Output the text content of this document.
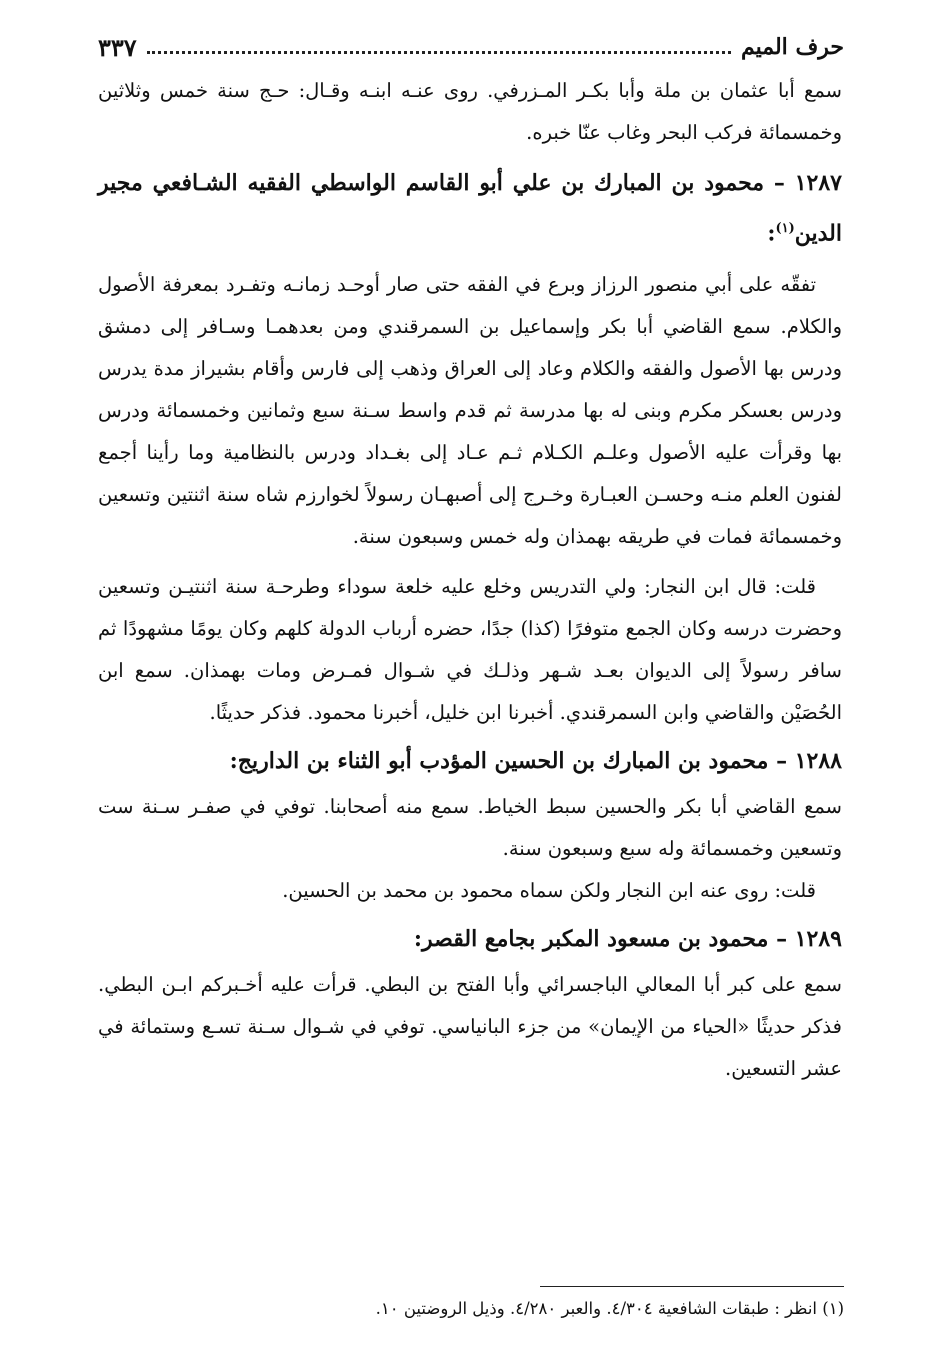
حرف الميم
٣٣٧

سمع أبا عثمان بن ملة وأبا بكـر المـزرفي. روى عنـه ابنـه وقـال: حـج سنة خمس وثلاثين وخمسمائة فركب البحر وغاب عنّا خبره.

١٢٨٧ – محمود بن المبارك بن علي أبو القاسم الواسطي الفقيه الشـافعي مجير الدين$^{(١)}$:

تفقّه على أبي منصور الرزاز وبرع في الفقه حتى صار أوحـد زمانـه وتفـرد بمعرفة الأصول والكلام. سمع القاضي أبا بكر وإسماعيل بن السمرقندي ومن بعدهمـا وسـافر إلى دمشق ودرس بها الأصول والفقه والكلام وعاد إلى العراق وذهب إلى فارس وأقام بشيراز مدة يدرس ودرس بعسكر مكرم وبنى له بها مدرسة ثم قدم واسط سـنة سبع وثمانين وخمسمائة ودرس بها وقرأت عليه الأصول وعلـم الكـلام ثـم عـاد إلى بغـداد ودرس بالنظامية وما رأينا أجمع لفنون العلم منـه وحسـن العبـارة وخـرج إلى أصبهـان رسولاً لخوارزم شاه سنة اثنتين وتسعين وخمسمائة فمات في طريقه بهمذان وله خمس وسبعون سنة.

قلت: قال ابن النجار: ولي التدريس وخلع عليه خلعة سوداء وطرحـة سنة اثنتيـن وتسعين وحضرت درسه وكان الجمع متوفرًا (كذا) جدًا، حضره أرباب الدولة كلهم وكان يومًا مشهودًا ثم سافر رسولاً إلى الديوان بعـد شـهر وذلـك في شـوال فمـرض ومات بهمذان. سمع ابن الحُصَيْن والقاضي وابن السمرقندي. أخبرنا ابن خليل، أخبرنا محمود. فذكر حديثًا.

١٢٨٨ – محمود بن المبارك بن الحسين المؤدب أبو الثناء بن الداريج:

سمع القاضي أبا بكر والحسين سبط الخياط. سمع منه أصحابنا. توفي في صفـر سـنة ست وتسعين وخمسمائة وله سبع وسبعون سنة.

قلت: روى عنه ابن النجار ولكن سماه محمود بن محمد بن الحسين.

١٢٨٩ – محمود بن مسعود المكبر بجامع القصر:

سمع على كبر أبا المعالي الباجسرائي وأبا الفتح بن البطي. قرأت عليه أخـبركم ابـن البطي. فذكر حديثًا «الحياء من الإيمان» من جزء البانياسي. توفي في شـوال سـنة تسـع وستمائة في عشر التسعين.

(١) انظر : طبقات الشافعية ٤/٣٠٤. والعبر ٤/٢٨٠. وذيل الروضتين ١٠.
